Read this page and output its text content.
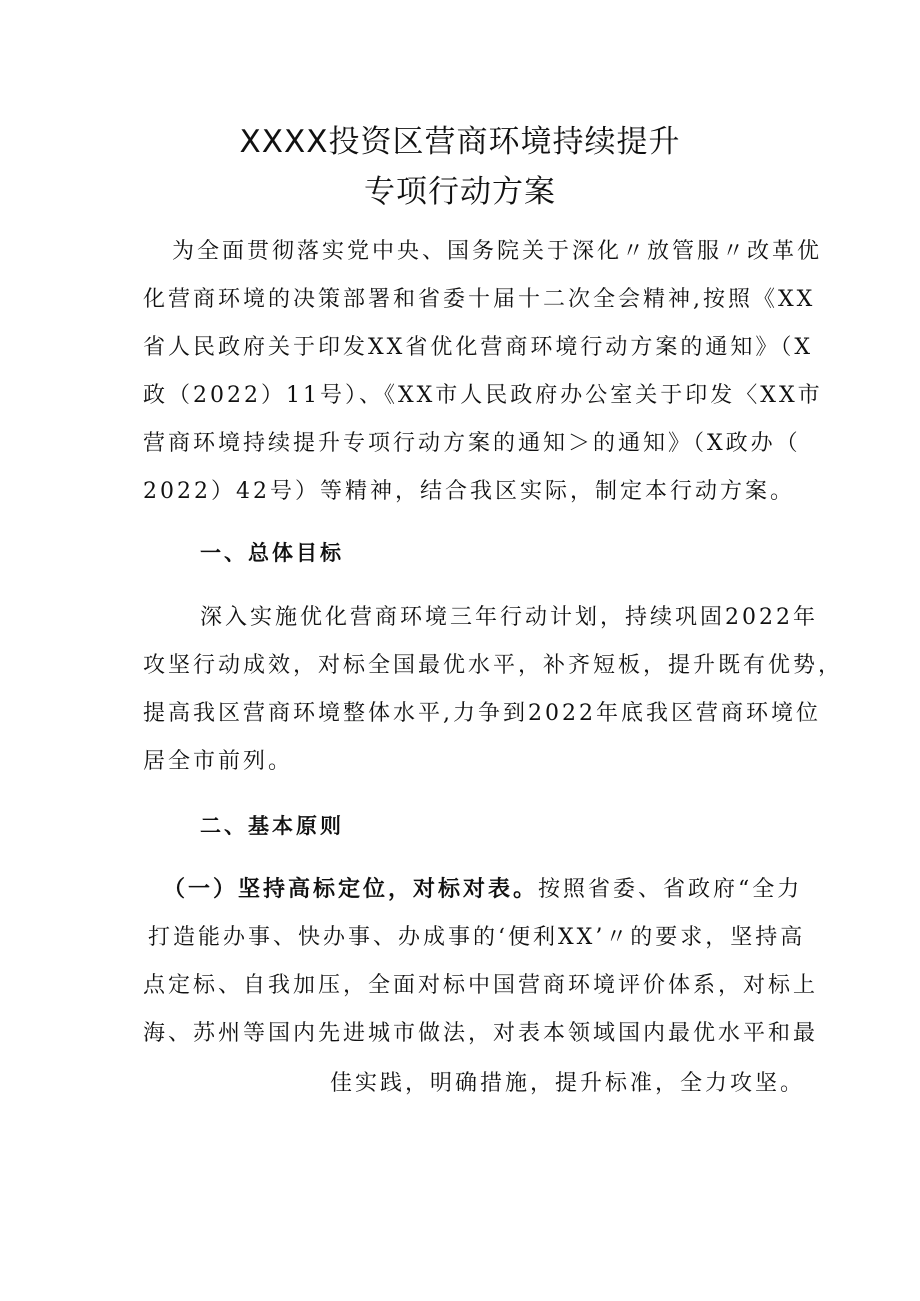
XXXX投资区营商环境持续提升
专项行动方案
为全面贯彻落实党中央、国务院关于深化〃放管服〃改革优
化营商环境的决策部署和省委十届十二次全会精神,按照《XX
省人民政府关于印发XX省优化营商环境行动方案的通知》（X
政（2022）11号）、《XX市人民政府办公室关于印发〈XX市
营商环境持续提升专项行动方案的通知＞的通知》（X政办（
2022）42号）等精神，结合我区实际，制定本行动方案。
一、总体目标
深入实施优化营商环境三年行动计划，持续巩固2022年
攻坚行动成效，对标全国最优水平，补齐短板，提升既有优势，
提高我区营商环境整体水平,力争到2022年底我区营商环境位
居全市前列。
二、基本原则
（一）坚持高标定位，对标对表。按照省委、省政府“全力
打造能办事、快办事、办成事的‘便利XX’〃的要求，坚持高
点定标、自我加压，全面对标中国营商环境评价体系，对标上
海、苏州等国内先进城市做法，对表本领域国内最优水平和最
佳实践，明确措施，提升标准，全力攻坚。
